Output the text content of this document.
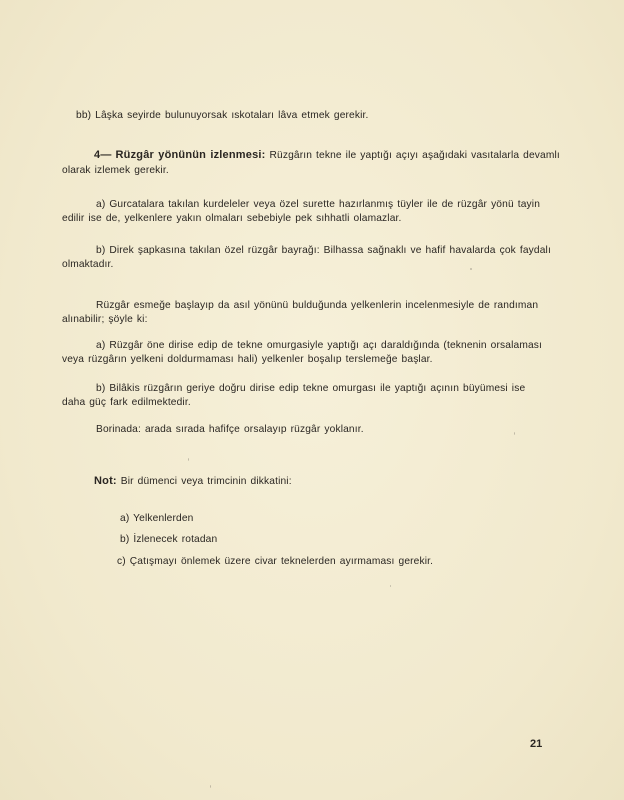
bb) Lâşka seyirde bulunuyorsak ıskotaları lâva etmek gerekir.

4— Rüzgâr yönünün izlenmesi: Rüzgârın tekne ile yaptığı açıyı aşağıdaki vasıtalarla devamlı

olarak izlemek gerekir.

a) Gurcatalara takılan kurdeleler veya özel surette hazırlanmış tüyler ile de rüzgâr yönü tayin

edilir ise de, yelkenlere yakın olmaları sebebiyle pek sıhhatli olamazlar.

b) Direk şapkasına takılan özel rüzgâr bayrağı: Bilhassa sağnaklı ve hafif havalarda çok faydalı

olmaktadır.

Rüzgâr esmeğe başlayıp da asıl yönünü bulduğunda yelkenlerin incelenmesiyle de randıman

alınabilir; şöyle ki:

a) Rüzgâr öne dirise edip de tekne omurgasiyle yaptığı açı daraldığında (teknenin orsalaması

veya rüzgârın yelkeni doldurmaması hali) yelkenler boşalıp terslemeğe başlar.

b) Bilâkis rüzgârın geriye doğru dirise edip tekne omurgası ile yaptığı açının büyümesi ise

daha güç fark edilmektedir.

Borinada: arada sırada hafifçe orsalayıp rüzgâr yoklanır.

Not: Bir dümenci veya trimcinin dikkatini:

a) Yelkenlerden

b) İzlenecek rotadan

c) Çatışmayı önlemek üzere civar teknelerden ayırmaması gerekir.

21
